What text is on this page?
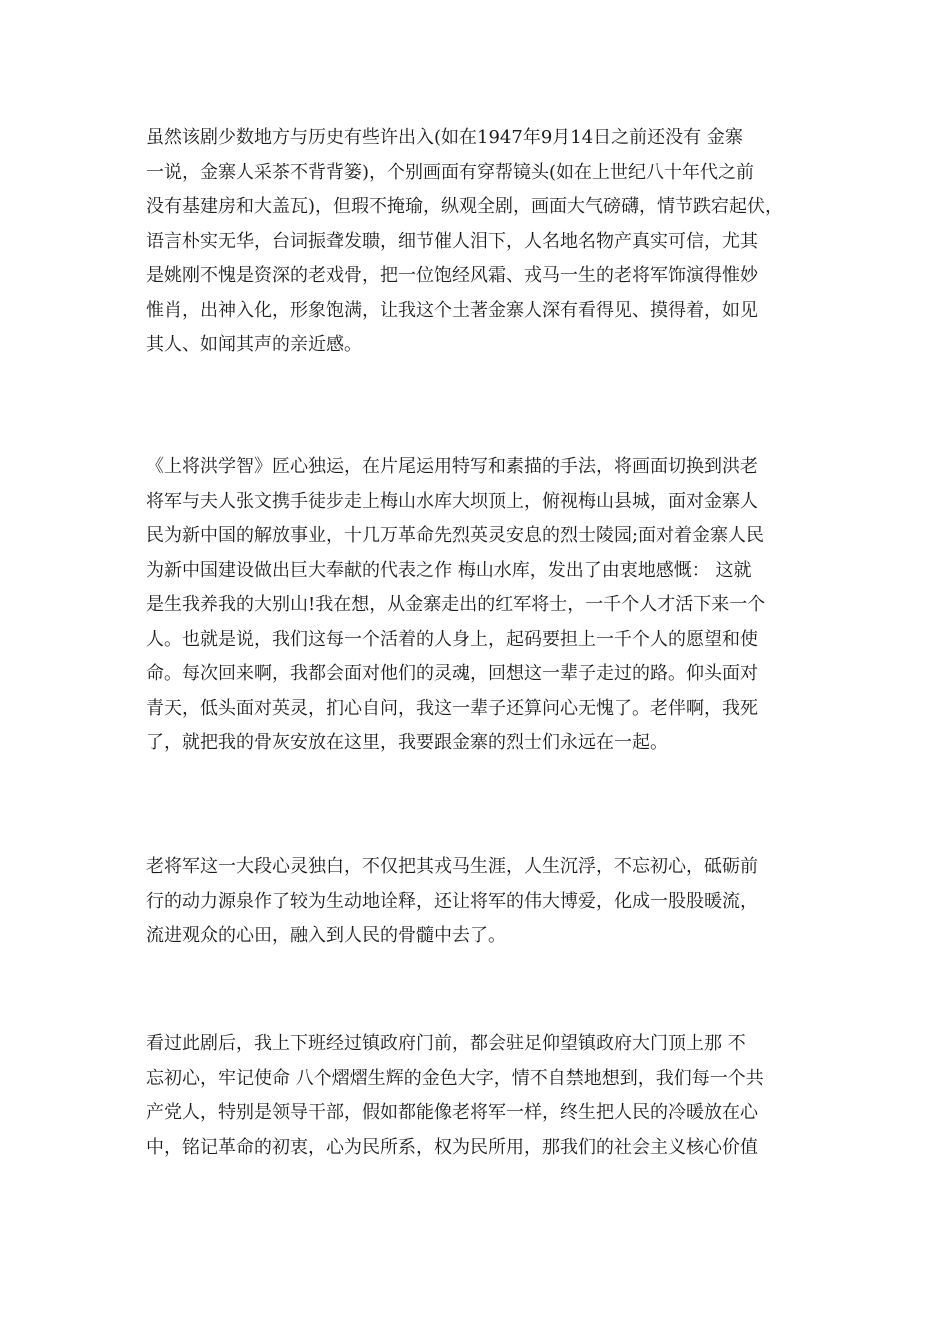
虽然该剧少数地方与历史有些许出入(如在1947年9月14日之前还没有 金寨
一说，金寨人采茶不背背篓)，个别画面有穿帮镜头(如在上世纪八十年代之前
没有基建房和大盖瓦)，但瑕不掩瑜，纵观全剧，画面大气磅礴，情节跌宕起伏，
语言朴实无华，台词振聋发聩，细节催人泪下，人名地名物产真实可信，尤其
是姚刚不愧是资深的老戏骨，把一位饱经风霜、戎马一生的老将军饰演得惟妙
惟肖，出神入化，形象饱满，让我这个土著金寨人深有看得见、摸得着，如见
其人、如闻其声的亲近感。
《上将洪学智》匠心独运，在片尾运用特写和素描的手法，将画面切换到洪老
将军与夫人张文携手徒步走上梅山水库大坝顶上，俯视梅山县城，面对金寨人
民为新中国的解放事业，十几万革命先烈英灵安息的烈士陵园;面对着金寨人民
为新中国建设做出巨大奉献的代表之作 梅山水库，发出了由衷地感慨： 这就
是生我养我的大别山!我在想，从金寨走出的红军将士，一千个人才活下来一个
人。也就是说，我们这每一个活着的人身上，起码要担上一千个人的愿望和使
命。每次回来啊，我都会面对他们的灵魂，回想这一辈子走过的路。仰头面对
青天，低头面对英灵，扪心自问，我这一辈子还算问心无愧了。老伴啊，我死
了，就把我的骨灰安放在这里，我要跟金寨的烈士们永远在一起。
老将军这一大段心灵独白，不仅把其戎马生涯，人生沉浮，不忘初心，砥砺前
行的动力源泉作了较为生动地诠释，还让将军的伟大博爱，化成一股股暖流，
流进观众的心田，融入到人民的骨髓中去了。
看过此剧后，我上下班经过镇政府门前，都会驻足仰望镇政府大门顶上那 不
忘初心，牢记使命 八个熠熠生辉的金色大字，情不自禁地想到，我们每一个共
产党人，特别是领导干部，假如都能像老将军一样，终生把人民的冷暖放在心
中，铭记革命的初衷，心为民所系，权为民所用，那我们的社会主义核心价值
